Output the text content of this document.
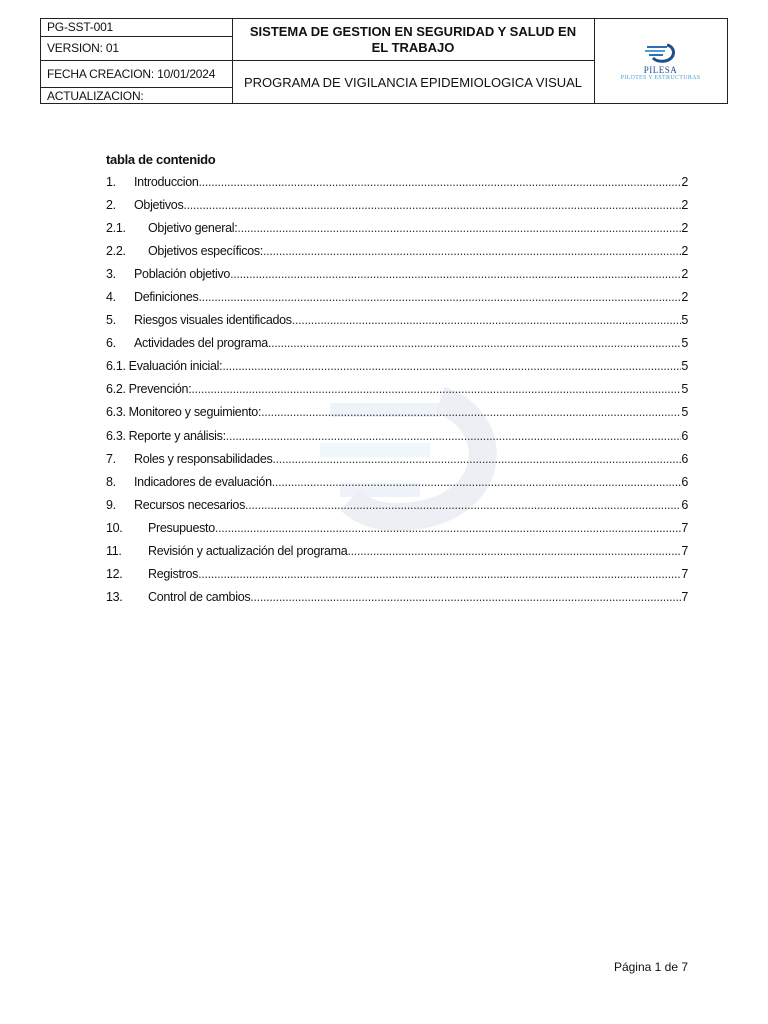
PG-SST-001
VERSION: 01
FECHA CREACION: 10/01/2024
ACTUALIZACION:
SISTEMA DE GESTION EN SEGURIDAD Y SALUD EN EL TRABAJO
PROGRAMA DE VIGILANCIA EPIDEMIOLOGICA VISUAL
PILESA
PILOTES Y ESTRUCTURAS
tabla de contenido
1.	Introduccion .....	2
2.	Objetivos .....	2
2.1.	Objetivo general: .....	2
2.2.	Objetivos específicos: .....	2
3.	Población objetivo .....	2
4.	Definiciones .....	2
5.	Riesgos visuales identificados .....	5
6.	Actividades del programa .....	5
6.1. Evaluación inicial: .....	5
6.2. Prevención: .....	5
6.3. Monitoreo y seguimiento: .....	5
6.3. Reporte y análisis: .....	6
7.	Roles y responsabilidades .....	6
8.	Indicadores de evaluación .....	6
9.	Recursos necesarios .....	6
10.	Presupuesto .....	7
11.	Revisión y actualización del programa .....	7
12.	Registros .....	7
13.	Control de cambios .....	7
Página 1 de 7
